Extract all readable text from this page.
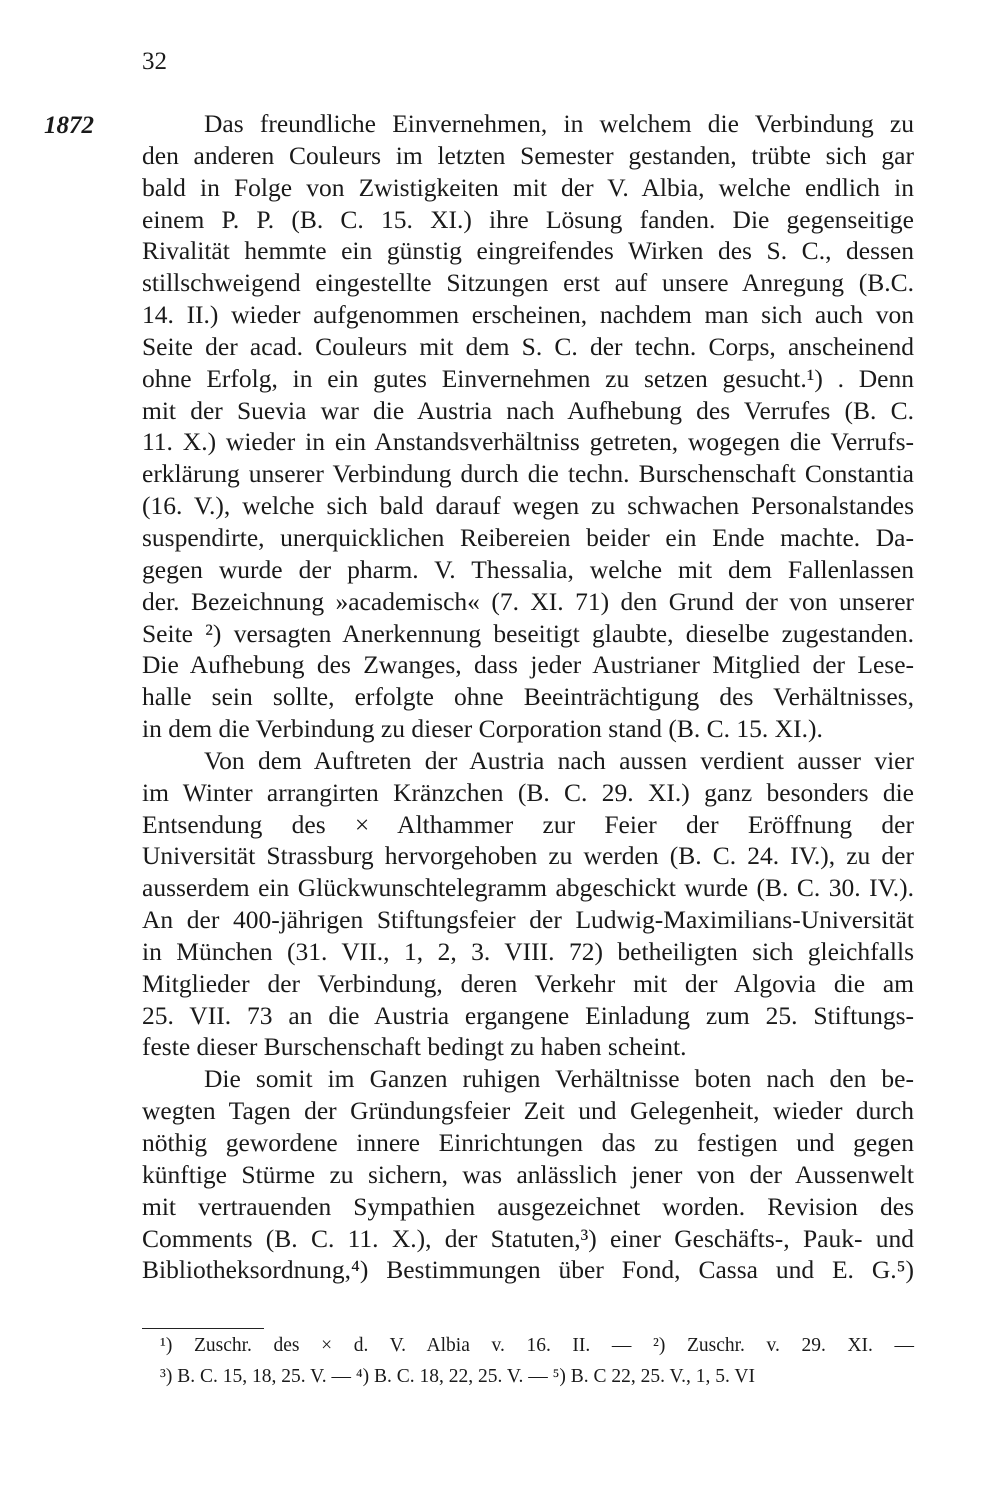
32
1872	Das freundliche Einvernehmen, in welchem die Verbindung zu
den anderen Couleurs im letzten Semester gestanden, trübte sich gar
bald in Folge von Zwistigkeiten mit der V. Albia, welche endlich in
einem P. P. (B. C. 15. XI.) ihre Lösung fanden. Die gegenseitige
Rivalität hemmte ein günstig eingreifendes Wirken des S. C., dessen
stillschweigend eingestellte Sitzungen erst auf unsere Anregung (B.C.
14. II.) wieder aufgenommen erscheinen, nachdem man sich auch von
Seite der acad. Couleurs mit dem S. C. der techn. Corps, anscheinend
ohne Erfolg, in ein gutes Einvernehmen zu setzen gesucht.¹) . Denn
mit der Suevia war die Austria nach Aufhebung des Verrufes (B. C.
11. X.) wieder in ein Anstandsverhältniss getreten, wogegen die Verrufs-
erklärung unserer Verbindung durch die techn. Burschenschaft Constantia
(16. V.), welche sich bald darauf wegen zu schwachen Personalstandes
suspendirte, unerquicklichen Reibereien beider ein Ende machte. Da-
gegen wurde der pharm. V. Thessalia, welche mit dem Fallenlassen
der. Bezeichnung »academisch« (7. XI. 71) den Grund der von unserer
Seite ²) versagten Anerkennung beseitigt glaubte, dieselbe zugestanden.
Die Aufhebung des Zwanges, dass jeder Austrianer Mitglied der Lese-
halle sein sollte, erfolgte ohne Beeinträchtigung des Verhältnisses,
in dem die Verbindung zu dieser Corporation stand (B. C. 15. XI.).
Von dem Auftreten der Austria nach aussen verdient ausser vier
im Winter arrangirten Kränzchen (B. C. 29. XI.) ganz besonders die
Entsendung des × Althammer zur Feier der Eröffnung der
Universität Strassburg hervorgehoben zu werden (B. C. 24. IV.), zu der
ausserdem ein Glückwunschtelegramm abgeschickt wurde (B. C. 30. IV.).
An der 400-jährigen Stiftungsfeier der Ludwig-Maximilians-Universität
in München (31. VII., 1, 2, 3. VIII. 72) betheiligten sich gleichfalls
Mitglieder der Verbindung, deren Verkehr mit der Algovia die am
25. VII. 73 an die Austria ergangene Einladung zum 25. Stiftungs-
feste dieser Burschenschaft bedingt zu haben scheint.
Die somit im Ganzen ruhigen Verhältnisse boten nach den be-
wegten Tagen der Gründungsfeier Zeit und Gelegenheit, wieder durch
nöthig gewordene innere Einrichtungen das zu festigen und gegen
künftige Stürme zu sichern, was anlässlich jener von der Aussenwelt
mit vertrauenden Sympathien ausgezeichnet worden. Revision des
Comments (B. C. 11. X.), der Statuten,³) einer Geschäfts-, Pauk- und
Bibliotheksordnung,⁴) Bestimmungen über Fond, Cassa und E. G.⁵)
¹) Zuschr. des × d. V. Albia v. 16. II. — ²) Zuschr. v. 29. XI. —
³) B. C. 15, 18, 25. V. — ⁴) B. C. 18, 22, 25. V. — ⁵) B. C 22, 25. V., 1, 5. VI
